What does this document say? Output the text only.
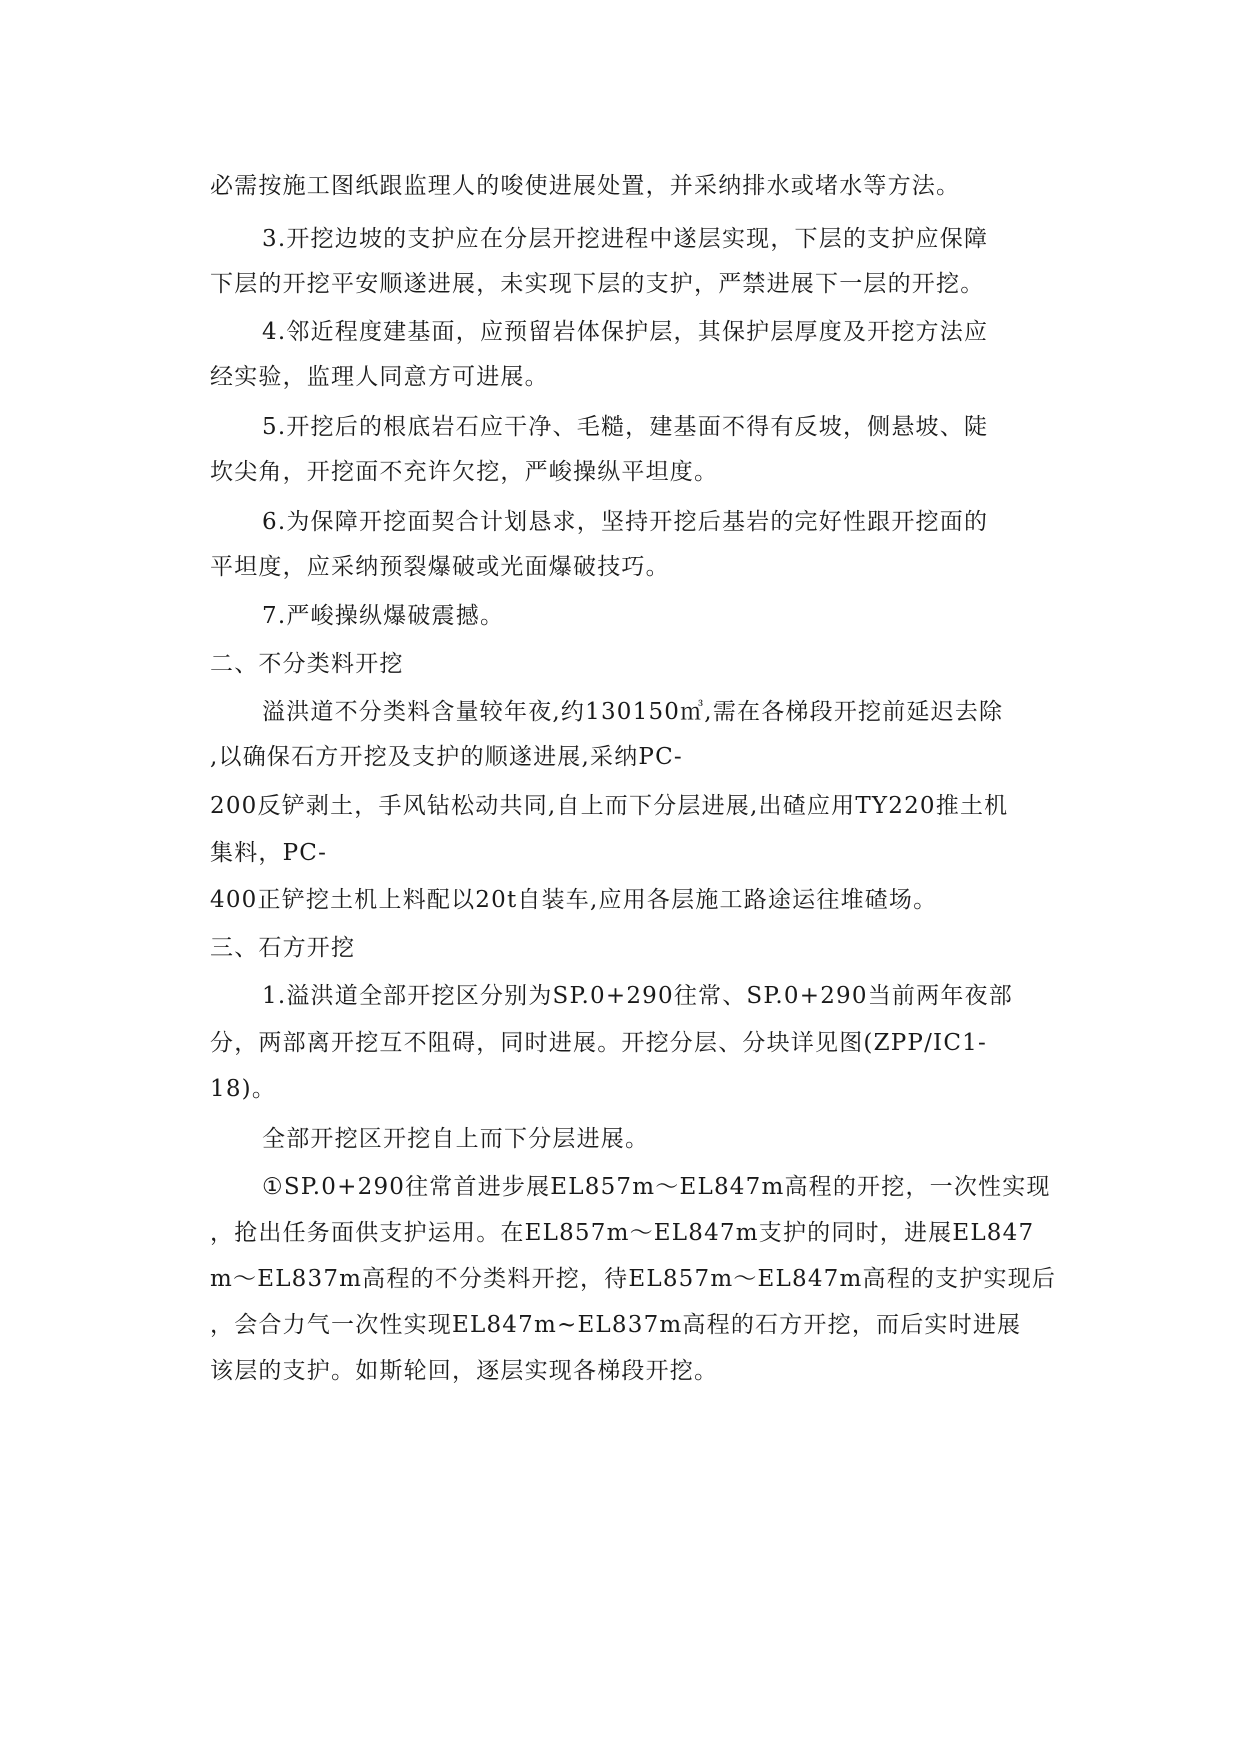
必需按施工图纸跟监理人的唆使进展处置，并采纳排水或堵水等方法。
3.开挖边坡的支护应在分层开挖进程中遂层实现，下层的支护应保障
下层的开挖平安顺遂进展，未实现下层的支护，严禁进展下一层的开挖。
4.邻近程度建基面，应预留岩体保护层，其保护层厚度及开挖方法应
经实验，监理人同意方可进展。
5.开挖后的根底岩石应干净、毛糙，建基面不得有反坡，侧悬坡、陡
坎尖角，开挖面不充许欠挖，严峻操纵平坦度。
6.为保障开挖面契合计划恳求，坚持开挖后基岩的完好性跟开挖面的
平坦度，应采纳预裂爆破或光面爆破技巧。
7.严峻操纵爆破震撼。
二、不分类料开挖
溢洪道不分类料含量较年夜,约130150㎥,需在各梯段开挖前延迟去除
,以确保石方开挖及支护的顺遂进展,采纳PC-
200反铲剥土，手风钻松动共同,自上而下分层进展,出碴应用TY220推土机
集料，PC-
400正铲挖土机上料配以20t自装车,应用各层施工路途运往堆碴场。
三、石方开挖
1.溢洪道全部开挖区分别为SP.0+290往常、SP.0+290当前两年夜部
分，两部离开挖互不阻碍，同时进展。开挖分层、分块详见图(ZPP/IC1-
18)。
全部开挖区开挖自上而下分层进展。
①SP.0+290往常首进步展EL857m～EL847m高程的开挖，一次性实现
，抢出任务面供支护运用。在EL857m～EL847m支护的同时，进展EL847
m～EL837m高程的不分类料开挖，待EL857m～EL847m高程的支护实现后
，会合力气一次性实现EL847m~EL837m高程的石方开挖，而后实时进展
该层的支护。如斯轮回，逐层实现各梯段开挖。
